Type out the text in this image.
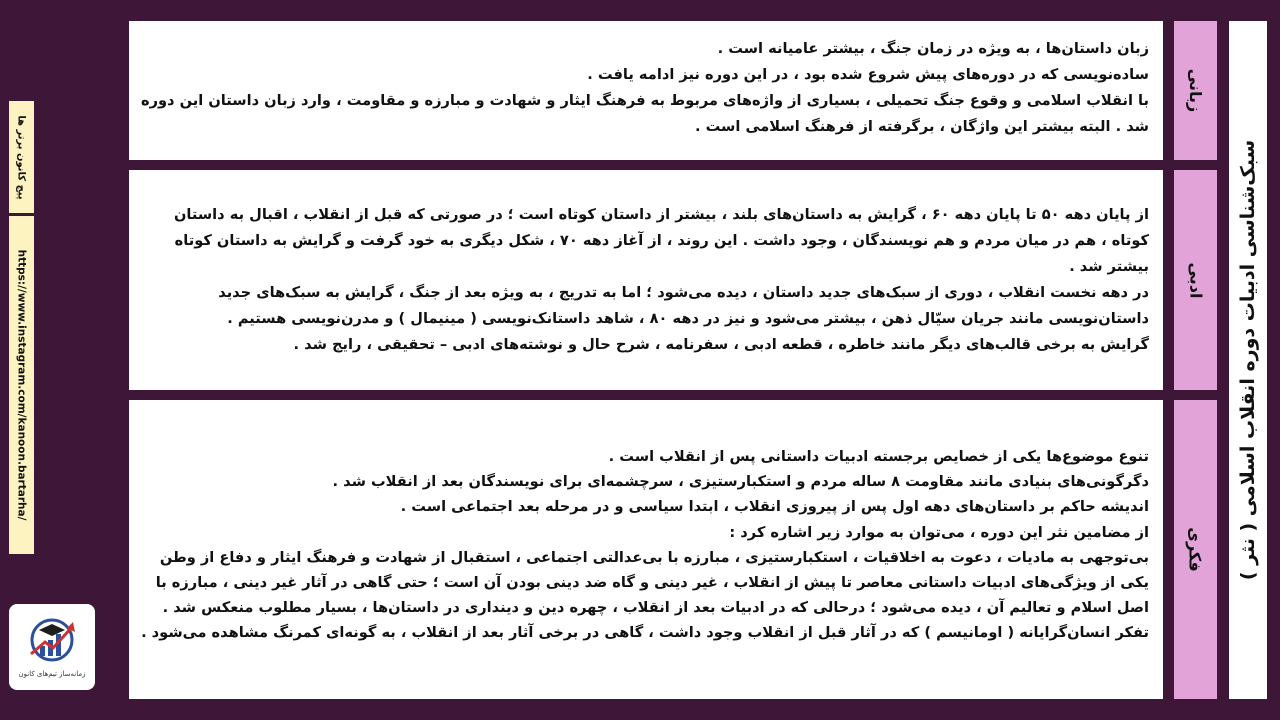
سبک‌شناسی ادبیات دوره انقلاب اسلامی ( نثر )
زبانی

زبان داستان‌ها ، به ویژه در زمان جنگ ، بیشتر عامیانه است .

ساده‌نویسی که در دوره‌های پیش شروع شده بود ، در این دوره نیز ادامه یافت .

با انقلاب اسلامی و وقوع جنگ تحمیلی ، بسیاری از واژه‌های مربوط به فرهنگ ایثار و شهادت و مبارزه و مقاومت ، وارد زبان داستان این دوره شد . البته بیشتر این واژگان ، برگرفته از فرهنگ اسلامی است .

ادبی

از پایان دهه ۵۰ تا پایان دهه ۶۰ ، گرایش به داستان‌های بلند ، بیشتر از داستان کوتاه است ؛ در صورتی که قبل از انقلاب ، اقبال به داستان کوتاه ، هم در میان مردم و هم نویسندگان ، وجود داشت . این روند ، از آغاز دهه ۷۰ ، شکل دیگری به خود گرفت و گرایش به داستان کوتاه بیشتر شد .

در دهه نخست انقلاب ، دوری از سبک‌های جدید داستان ، دیده می‌شود ؛ اما به تدریج ، به ویژه بعد از جنگ ، گرایش به سبک‌های جدید داستان‌نویسی مانند جریان سیّال ذهن ، بیشتر می‌شود و نیز در دهه ۸۰ ، شاهد داستانک‌نویسی ( مینیمال ) و مدرن‌نویسی هستیم .

گرایش به برخی قالب‌های دیگر مانند خاطره ، قطعه ادبی ، سفرنامه ، شرح حال و نوشته‌های ادبی – تحقیقی ، رایج شد .

فکری

تنوع موضوع‌ها یکی از خصایص برجسته ادبیات داستانی پس از انقلاب است .

دگرگونی‌های بنیادی مانند مقاومت ۸ ساله مردم و استکبارستیزی ، سرچشمه‌ای برای نویسندگان بعد از انقلاب شد .

اندیشه حاکم بر داستان‌های دهه اول پس از پیروزی انقلاب ، ابتدا سیاسی و در مرحله بعد اجتماعی است .

از مضامین نثر این دوره ، می‌توان به موارد زیر اشاره کرد :

بی‌توجهی به مادیات ، دعوت به اخلاقیات ، استکبارستیزی ، مبارزه با بی‌عدالتی اجتماعی ، استقبال از شهادت و فرهنگ ایثار و دفاع از وطن

یکی از ویژگی‌های ادبیات داستانی معاصر تا پیش از انقلاب ، غیر دینی و گاه ضد دینی بودن آن است ؛ حتی گاهی در آثار غیر دینی ، مبارزه با اصل اسلام و تعالیم آن ، دیده می‌شود ؛ درحالی که در ادبیات بعد از انقلاب ، چهره دین و دینداری در داستان‌ها ، بسیار مطلوب منعکس شد .

تفکر انسان‌گرایانه ( اومانیسم ) که در آثار قبل از انقلاب وجود داشت ، گاهی در برخی آثار بعد از انقلاب ، به گونه‌ای کمرنگ مشاهده می‌شود .

پیج کانون برتر ها
https://www.instagram.com/kanoon.bartarha/
زمانه‌ساز تیم‌های کانون
